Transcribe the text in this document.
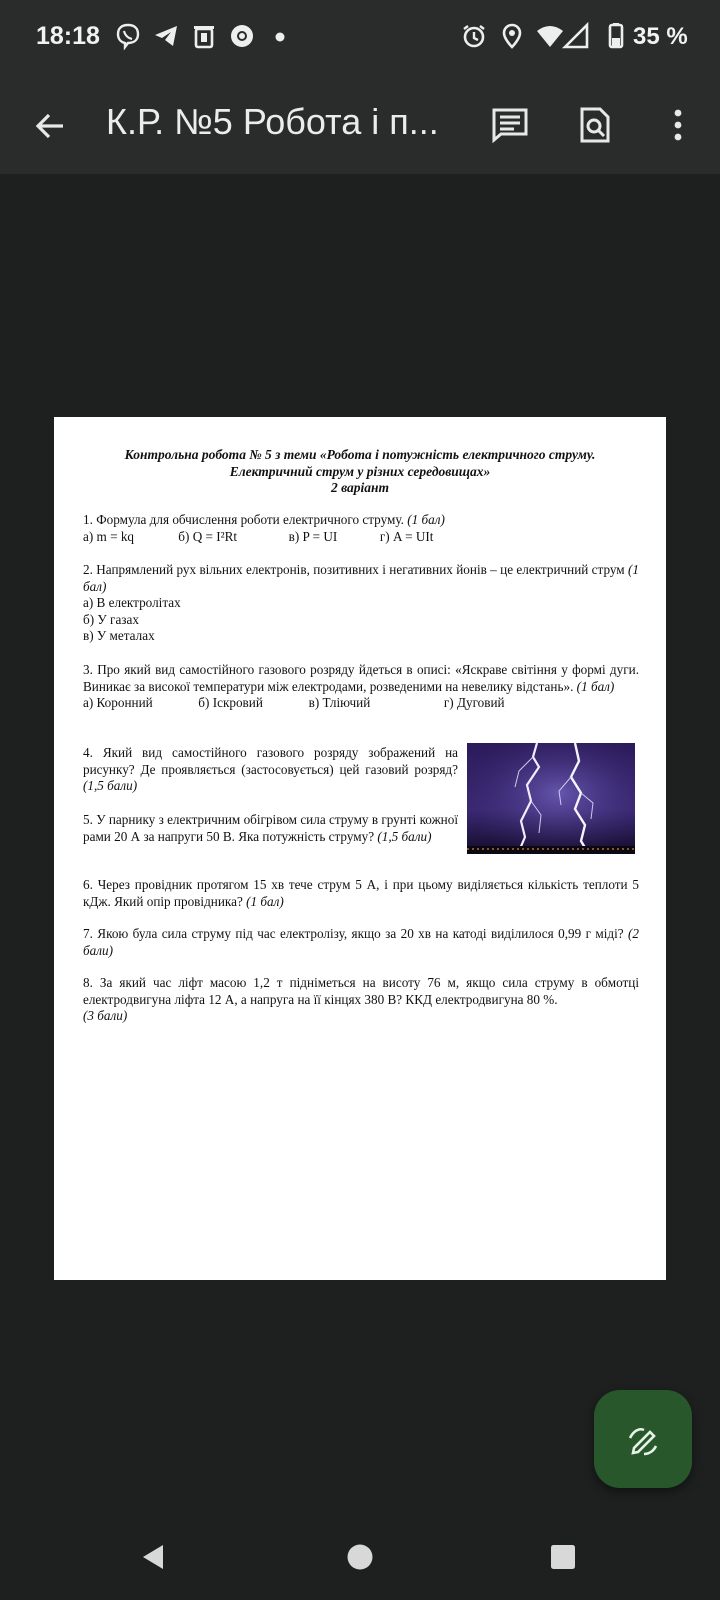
18:18	35 %
К.Р. №5 Робота і п...
Контрольна робота № 5 з теми «Робота і потужність електричного струму.
Електричний струм у різних середовищах»
2 варіант
1. Формула для обчислення роботи електричного струму. (1 бал)
а) m = kq	б) Q = I²Rt	в) P = UI	г) A = UIt
2. Напрямлений рух вільних електронів, позитивних і негативних йонів – це електричний струм (1 бал)
а) В електролітах
б) У газах
в) У металах
3. Про який вид самостійного газового розряду йдеться в описі: «Яскраве світіння у формі дуги. Виникає за високої температури між електродами, розведеними на невелику відстань». (1 бал)
а) Коронний	б) Іскровий	в) Тліючий	г) Дуговий
4. Який вид самостійного газового розряду зображений на рисунку? Де проявляється (застосовується) цей газовий розряд? (1,5 бали)
5. У парнику з електричним обігрівом сила струму в грунті кожної рами 20 А за напруги 50 В. Яка потужність струму? (1,5 бали)
6. Через провідник протягом 15 хв тече струм 5 А, і при цьому виділяється кількість теплоти 5 кДж. Який опір провідника? (1 бал)
7. Якою була сила струму під час електролізу, якщо за 20 хв на катоді виділилося 0,99 г міді? (2 бали)
8. За який час ліфт масою 1,2 т підніметься на висоту 76 м, якщо сила струму в обмотці електродвигуна ліфта 12 А, а напруга на її кінцях 380 В? ККД електродвигуна 80 %.
(3 бали)
